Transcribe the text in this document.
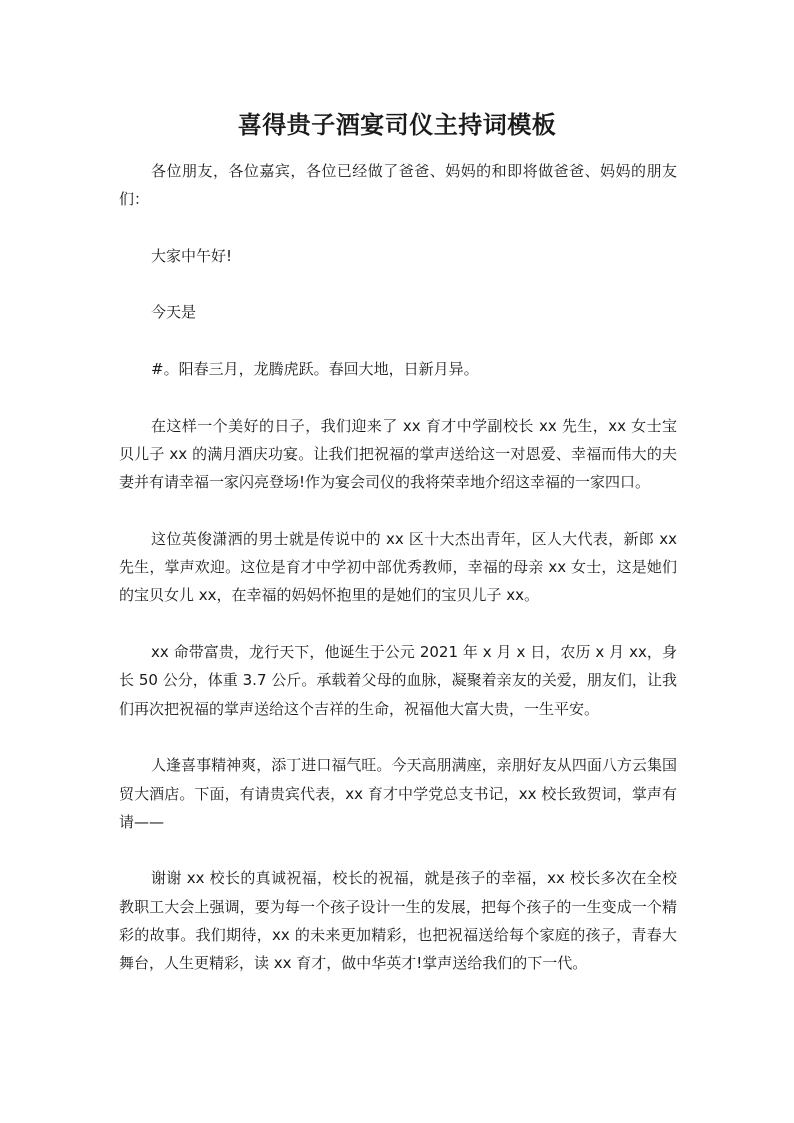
喜得贵子酒宴司仪主持词模板

各位朋友，各位嘉宾，各位已经做了爸爸、妈妈的和即将做爸爸、妈妈的朋友们：

大家中午好!

今天是

#。阳春三月，龙腾虎跃。春回大地，日新月异。

在这样一个美好的日子，我们迎来了 xx 育才中学副校长 xx 先生，xx 女士宝贝儿子 xx 的满月酒庆功宴。让我们把祝福的掌声送给这一对恩爱、幸福而伟大的夫妻并有请幸福一家闪亮登场!作为宴会司仪的我将荣幸地介绍这幸福的一家四口。

这位英俊潇洒的男士就是传说中的 xx 区十大杰出青年，区人大代表，新郎 xx 先生，掌声欢迎。这位是育才中学初中部优秀教师，幸福的母亲 xx 女士，这是她们的宝贝女儿 xx，在幸福的妈妈怀抱里的是她们的宝贝儿子 xx。

xx 命带富贵，龙行天下，他诞生于公元 2021 年 x 月 x 日，农历 x 月 xx，身长 50 公分，体重 3.7 公斤。承载着父母的血脉，凝聚着亲友的关爱，朋友们，让我们再次把祝福的掌声送给这个吉祥的生命，祝福他大富大贵，一生平安。

人逢喜事精神爽，添丁进口福气旺。今天高朋满座，亲朋好友从四面八方云集国贸大酒店。下面，有请贵宾代表，xx 育才中学党总支书记，xx 校长致贺词，掌声有请——

谢谢 xx 校长的真诚祝福，校长的祝福，就是孩子的幸福，xx 校长多次在全校教职工大会上强调，要为每一个孩子设计一生的发展，把每个孩子的一生变成一个精彩的故事。我们期待，xx 的未来更加精彩，也把祝福送给每个家庭的孩子，青春大舞台，人生更精彩，读 xx 育才，做中华英才!掌声送给我们的下一代。
